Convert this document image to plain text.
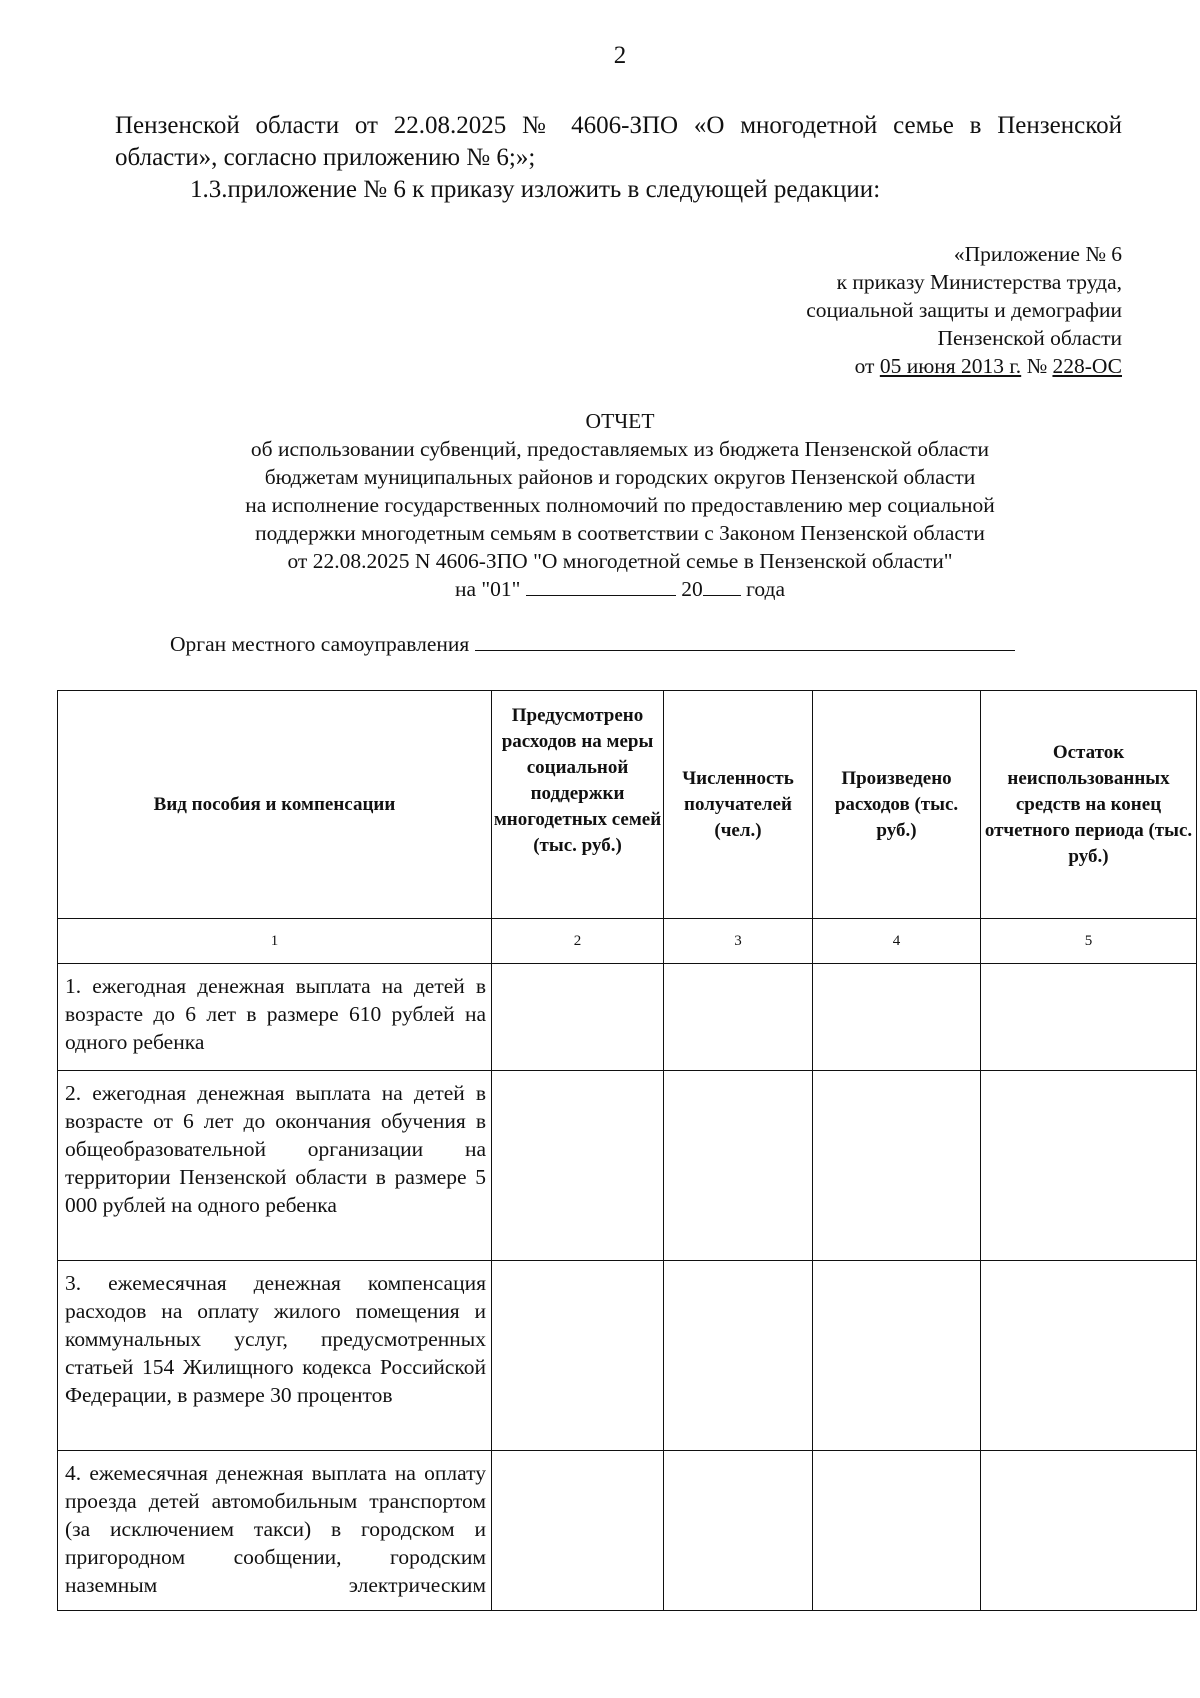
2

Пензенской области от 22.08.2025 № 4606-ЗПО «О многодетной семье в Пензенской области», согласно приложению № 6;»;

1.3.приложение № 6 к приказу изложить в следующей редакции:

«Приложение № 6
к приказу Министерства труда,
социальной защиты и демографии
Пензенской области
от 05 июня 2013 г. № 228-ОС
ОТЧЕТ
об использовании субвенций, предоставляемых из бюджета Пензенской области
бюджетам муниципальных районов и городских округов Пензенской области
на исполнение государственных полномочий по предоставлению мер социальной
поддержки многодетным семьям в соответствии с Законом Пензенской области
от 22.08.2025 N 4606-ЗПО "О многодетной семье в Пензенской области"
на "01"	20 года
Орган местного самоуправления
Вид пособия и компенсации	Предусмотрено расходов на меры социальной поддержки многодетных семей (тыс. руб.)	Численность получателей (чел.)	Произведено расходов (тыс. руб.)	Остаток неиспользованных средств на конец отчетного периода (тыс. руб.)
1	2	3	4	5
1. ежегодная денежная выплата на детей в возрасте до 6 лет в размере 610 рублей на одного ребенка				
2. ежегодная денежная выплата на детей в возрасте от 6 лет до окончания обучения в общеобразовательной организации на территории Пензенской области в размере 5 000 рублей на одного ребенка				
3. ежемесячная денежная компенсация расходов на оплату жилого помещения и коммунальных услуг, предусмотренных статьей 154 Жилищного кодекса Российской Федерации, в размере 30 процентов				
4. ежемесячная денежная выплата на оплату проезда детей автомобильным транспортом (за исключением такси) в городском и пригородном сообщении, городским наземным электрическим				
